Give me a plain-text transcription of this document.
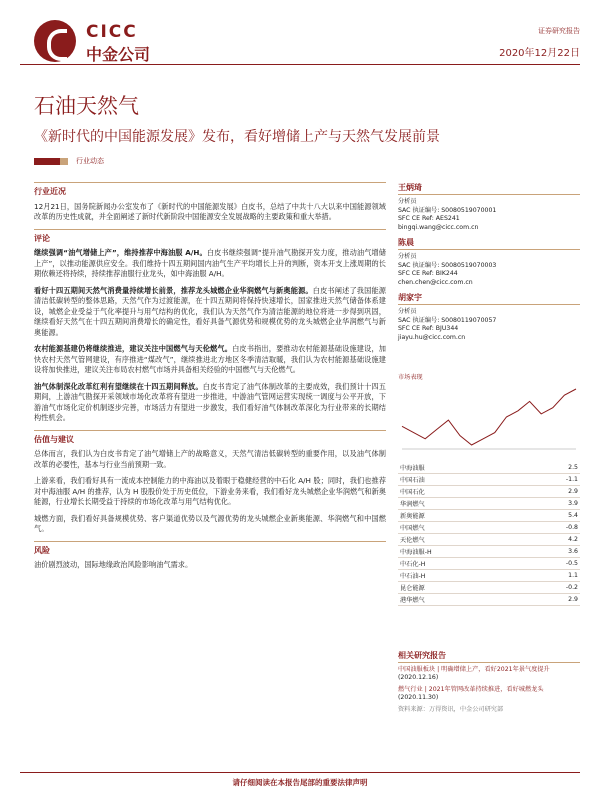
CICC
中金公司
证券研究报告
2020年12月22日
石油天然气
《新时代的中国能源发展》发布，看好增储上产与天然气发展前景
行业动态
行业近况

12月21日，国务院新闻办公室发布了《新时代的中国能源发展》白皮书，总结了中共十八大以来中国能源领域改革的历史性成就，并全面阐述了新时代新阶段中国能源安全发展战略的主要政策和重大举措。

评论

继续强调“油气增储上产”，维持推荐中海油服 A/H。白皮书继续强调“提升油气勘探开发力度，推动油气增储上产”，以推动能源供应安全。我们维持十四五期间国内油气生产平均增长上升的判断，资本开支上涨周期的长期依赖还将持续，持续推荐油服行业龙头，如中海油服 A/H。

看好十四五期间天然气消费量持续增长前景，推荐龙头城燃企业华润燃气与新奥能源。白皮书阐述了我国能源清洁低碳转型的整体思路，天然气作为过渡能源，在十四五期间将保持快速增长，国家推进天然气储备体系建设，城燃企业受益于气化率提升与用气结构的优化，我们认为天然气作为清洁能源的地位将进一步得到巩固，继续看好天然气在十四五期间消费增长的确定性，看好具备气源优势和规模优势的龙头城燃企业华润燃气与新奥能源。

农村能源基建仍将继续推进，建议关注中国燃气与天伦燃气。白皮书指出，要推动农村能源基础设施建设，加快农村天然气管网建设，有序推进“煤改气”，继续推进北方地区冬季清洁取暖，我们认为农村能源基础设施建设将加快推进，建议关注布局农村燃气市场并具备相关经验的中国燃气与天伦燃气。

油气体制深化改革红利有望继续在十四五期间释放。白皮书肯定了油气体制改革的主要成效，我们预计十四五期间，上游油气勘探开采领域市场化改革将有望进一步推进，中游油气管网运营实现统一调度与公平开放，下游油气市场化定价机制逐步完善，市场活力有望进一步激发，我们看好油气体制改革深化为行业带来的长期结构性机会。

估值与建议

总体而言，我们认为白皮书肯定了油气增储上产的战略意义，天然气清洁低碳转型的重要作用，以及油气体制改革的必要性，基本与行业当前预期一致。

上游来看，我们看好具有一流成本控制能力的中海油以及着眼于稳健经营的中石化 A/H 股；同时，我们也推荐对中海油服 A/H 的推荐，认为 H 股股价处于历史低位，下游业务来看，我们看好龙头城燃企业华润燃气和新奥能源，行业增长长期受益于持续的市场化改革与用气结构优化。

城燃方面，我们看好具备规模优势、客户渠道优势以及气源优势的龙头城燃企业新奥能源、华润燃气和中国燃气。

风险

油价剧烈波动，国际地缘政治风险影响油气需求。

王炳琦
分析员
SAC 执证编号: S0080519070001
SFC CE Ref: AES241
bingqi.wang@cicc.com.cn
陈晨
分析员
SAC 执证编号: S0080519070003
SFC CE Ref: BIK244
chen.chen@cicc.com.cn
胡家宇
分析员
SAC 执证编号: S0080119070057
SFC CE Ref: BJU344
jiayu.hu@cicc.com.cn
市场表现
中海油服	2.5
中国石油	-1.1
中国石化	2.9
华润燃气	3.9
新奥能源	5.4
中国燃气	-0.8
天伦燃气	4.2
中海油服-H	3.6
中石化-H	-0.5
中石油-H	1.1
昆仑能源	-0.2
港华燃气	2.9
相关研究报告
中国油服板块 | 明确增储上产，看好2021年景气度提升 (2020.12.16)
燃气行业 | 2021年管网改革持续推进，看好城燃龙头 (2020.11.30)
资料来源：万得资讯，中金公司研究部
请仔细阅读在本报告尾部的重要法律声明
